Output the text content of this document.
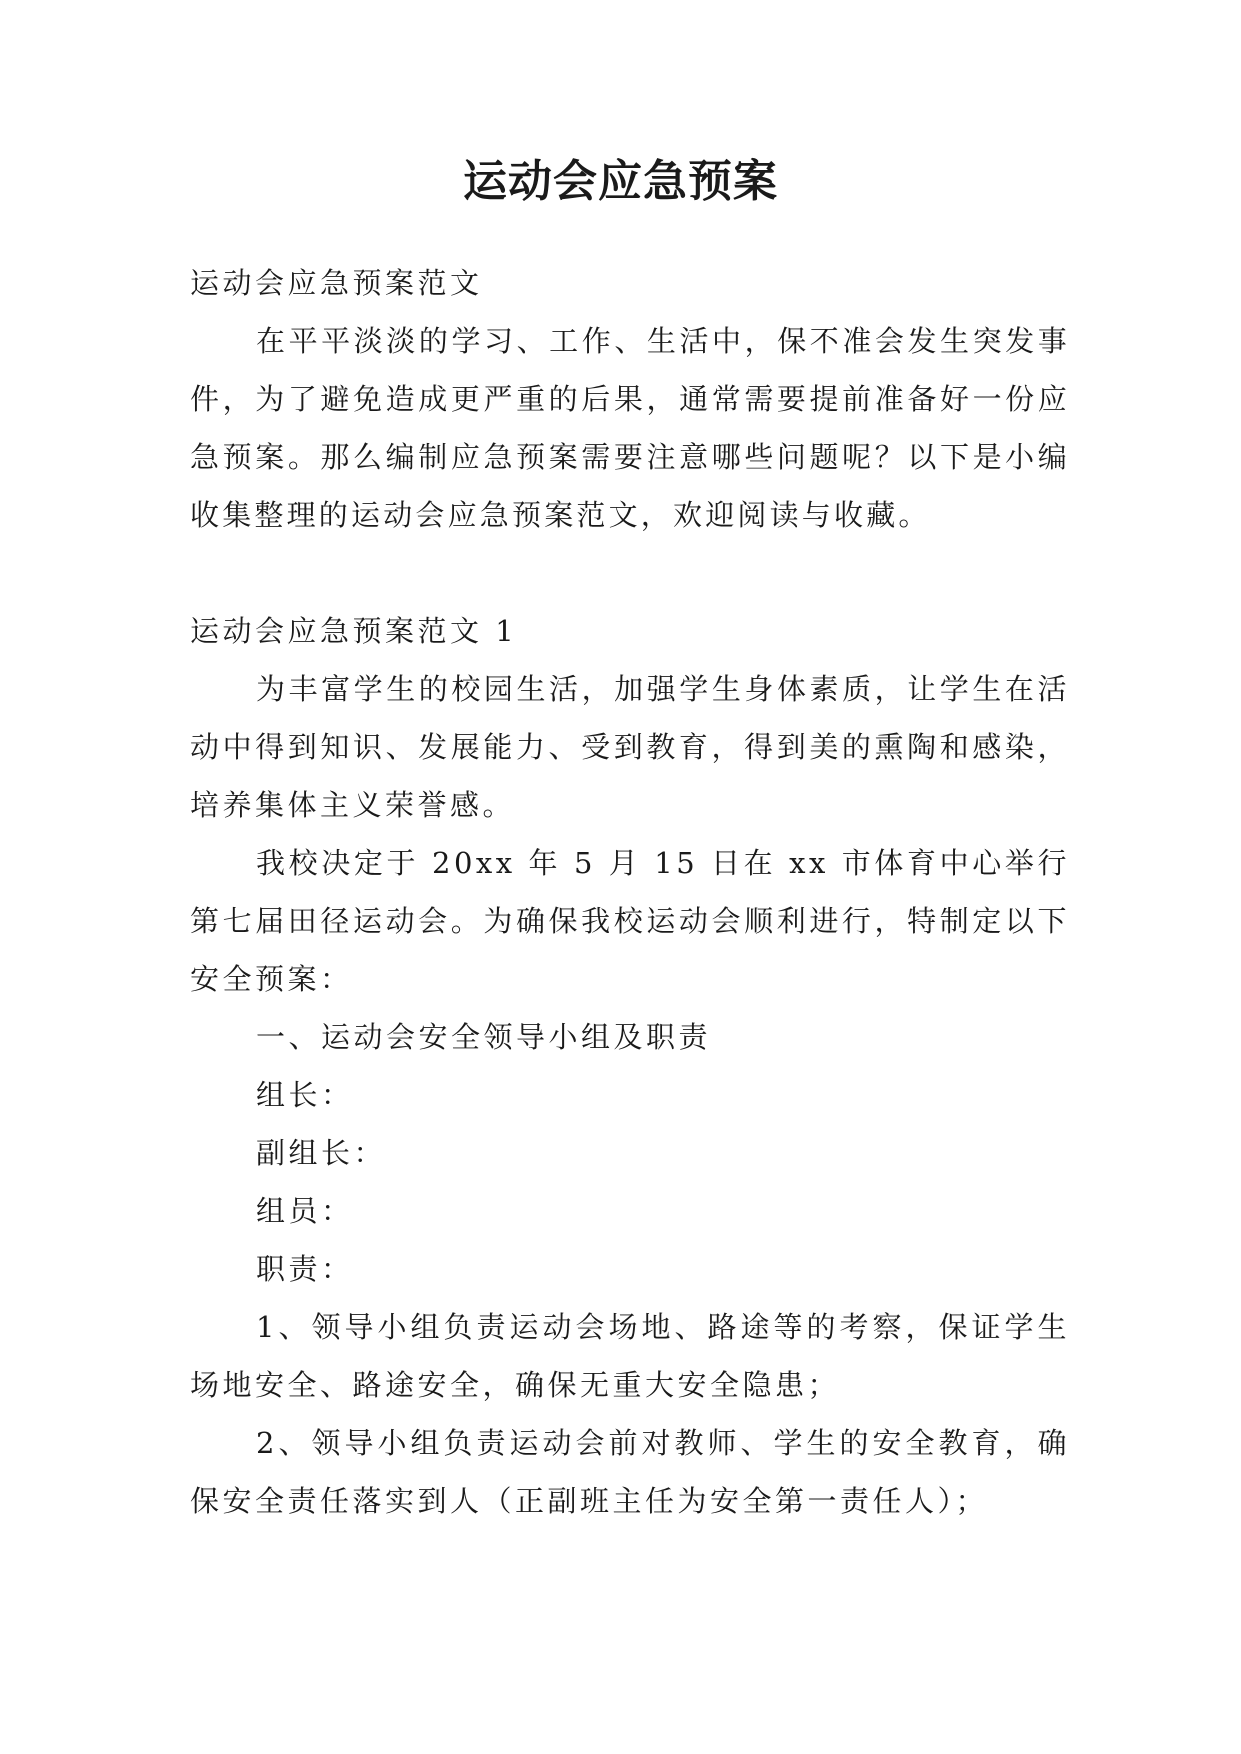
运动会应急预案
运动会应急预案范文

在平平淡淡的学习、工作、生活中，保不准会发生突发事件，为了避免造成更严重的后果，通常需要提前准备好一份应急预案。那么编制应急预案需要注意哪些问题呢？以下是小编收集整理的运动会应急预案范文，欢迎阅读与收藏。

运动会应急预案范文 1

为丰富学生的校园生活，加强学生身体素质，让学生在活动中得到知识、发展能力、受到教育，得到美的熏陶和感染，培养集体主义荣誉感。

我校决定于 20xx 年 5 月 15 日在 xx 市体育中心举行第七届田径运动会。为确保我校运动会顺利进行，特制定以下安全预案：

一、运动会安全领导小组及职责

组长：

副组长：

组员：

职责：

1、领导小组负责运动会场地、路途等的考察，保证学生场地安全、路途安全，确保无重大安全隐患；

2、领导小组负责运动会前对教师、学生的安全教育，确保安全责任落实到人（正副班主任为安全第一责任人）；
